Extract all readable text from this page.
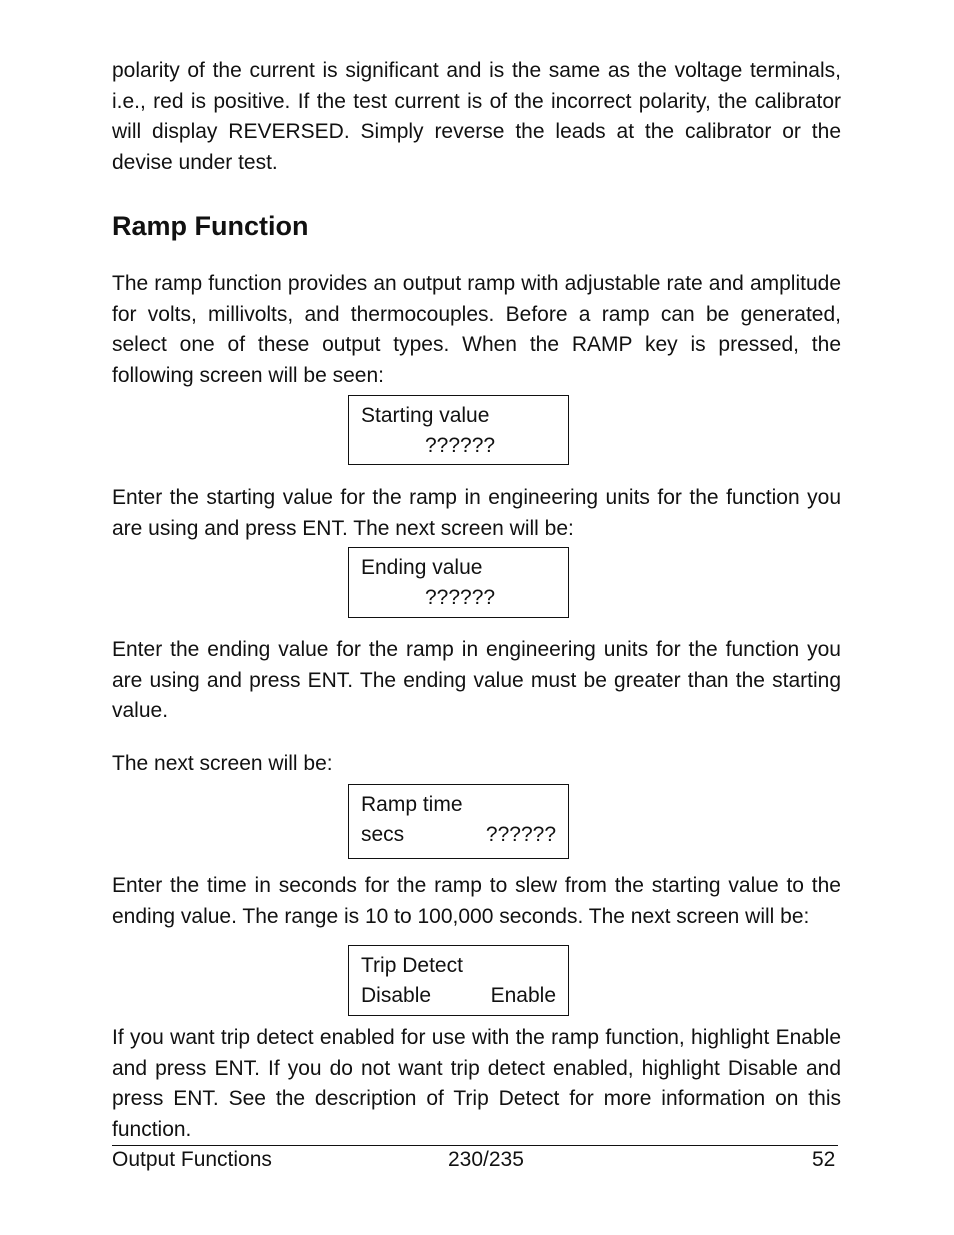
polarity of the current is significant and is the same as the voltage terminals, i.e., red is positive. If the test current is of the incorrect polarity, the calibrator will display REVERSED. Simply reverse the leads at the calibrator or the devise under test.

Ramp Function

The ramp function provides an output ramp with adjustable rate and amplitude for volts, millivolts, and thermocouples. Before a ramp can be generated, select one of these output types. When the RAMP key is pressed, the following screen will be seen:

Starting value
??????

Enter the starting value for the ramp in engineering units for the function you are using and press ENT. The next screen will be:

Ending value
??????

Enter the ending value for the ramp in engineering units for the function you are using and press ENT. The ending value must be greater than the starting value.

The next screen will be:

Ramp time
secs	??????

Enter the time in seconds for the ramp to slew from the starting value to the ending value. The range is 10 to 100,000 seconds. The next screen will be:

Trip Detect
Disable	Enable

If you want trip detect enabled for use with the ramp function, highlight Enable and press ENT. If you do not want trip detect enabled, highlight Disable and press ENT. See the description of Trip Detect for more information on this function.

Output Functions	230/235	52
